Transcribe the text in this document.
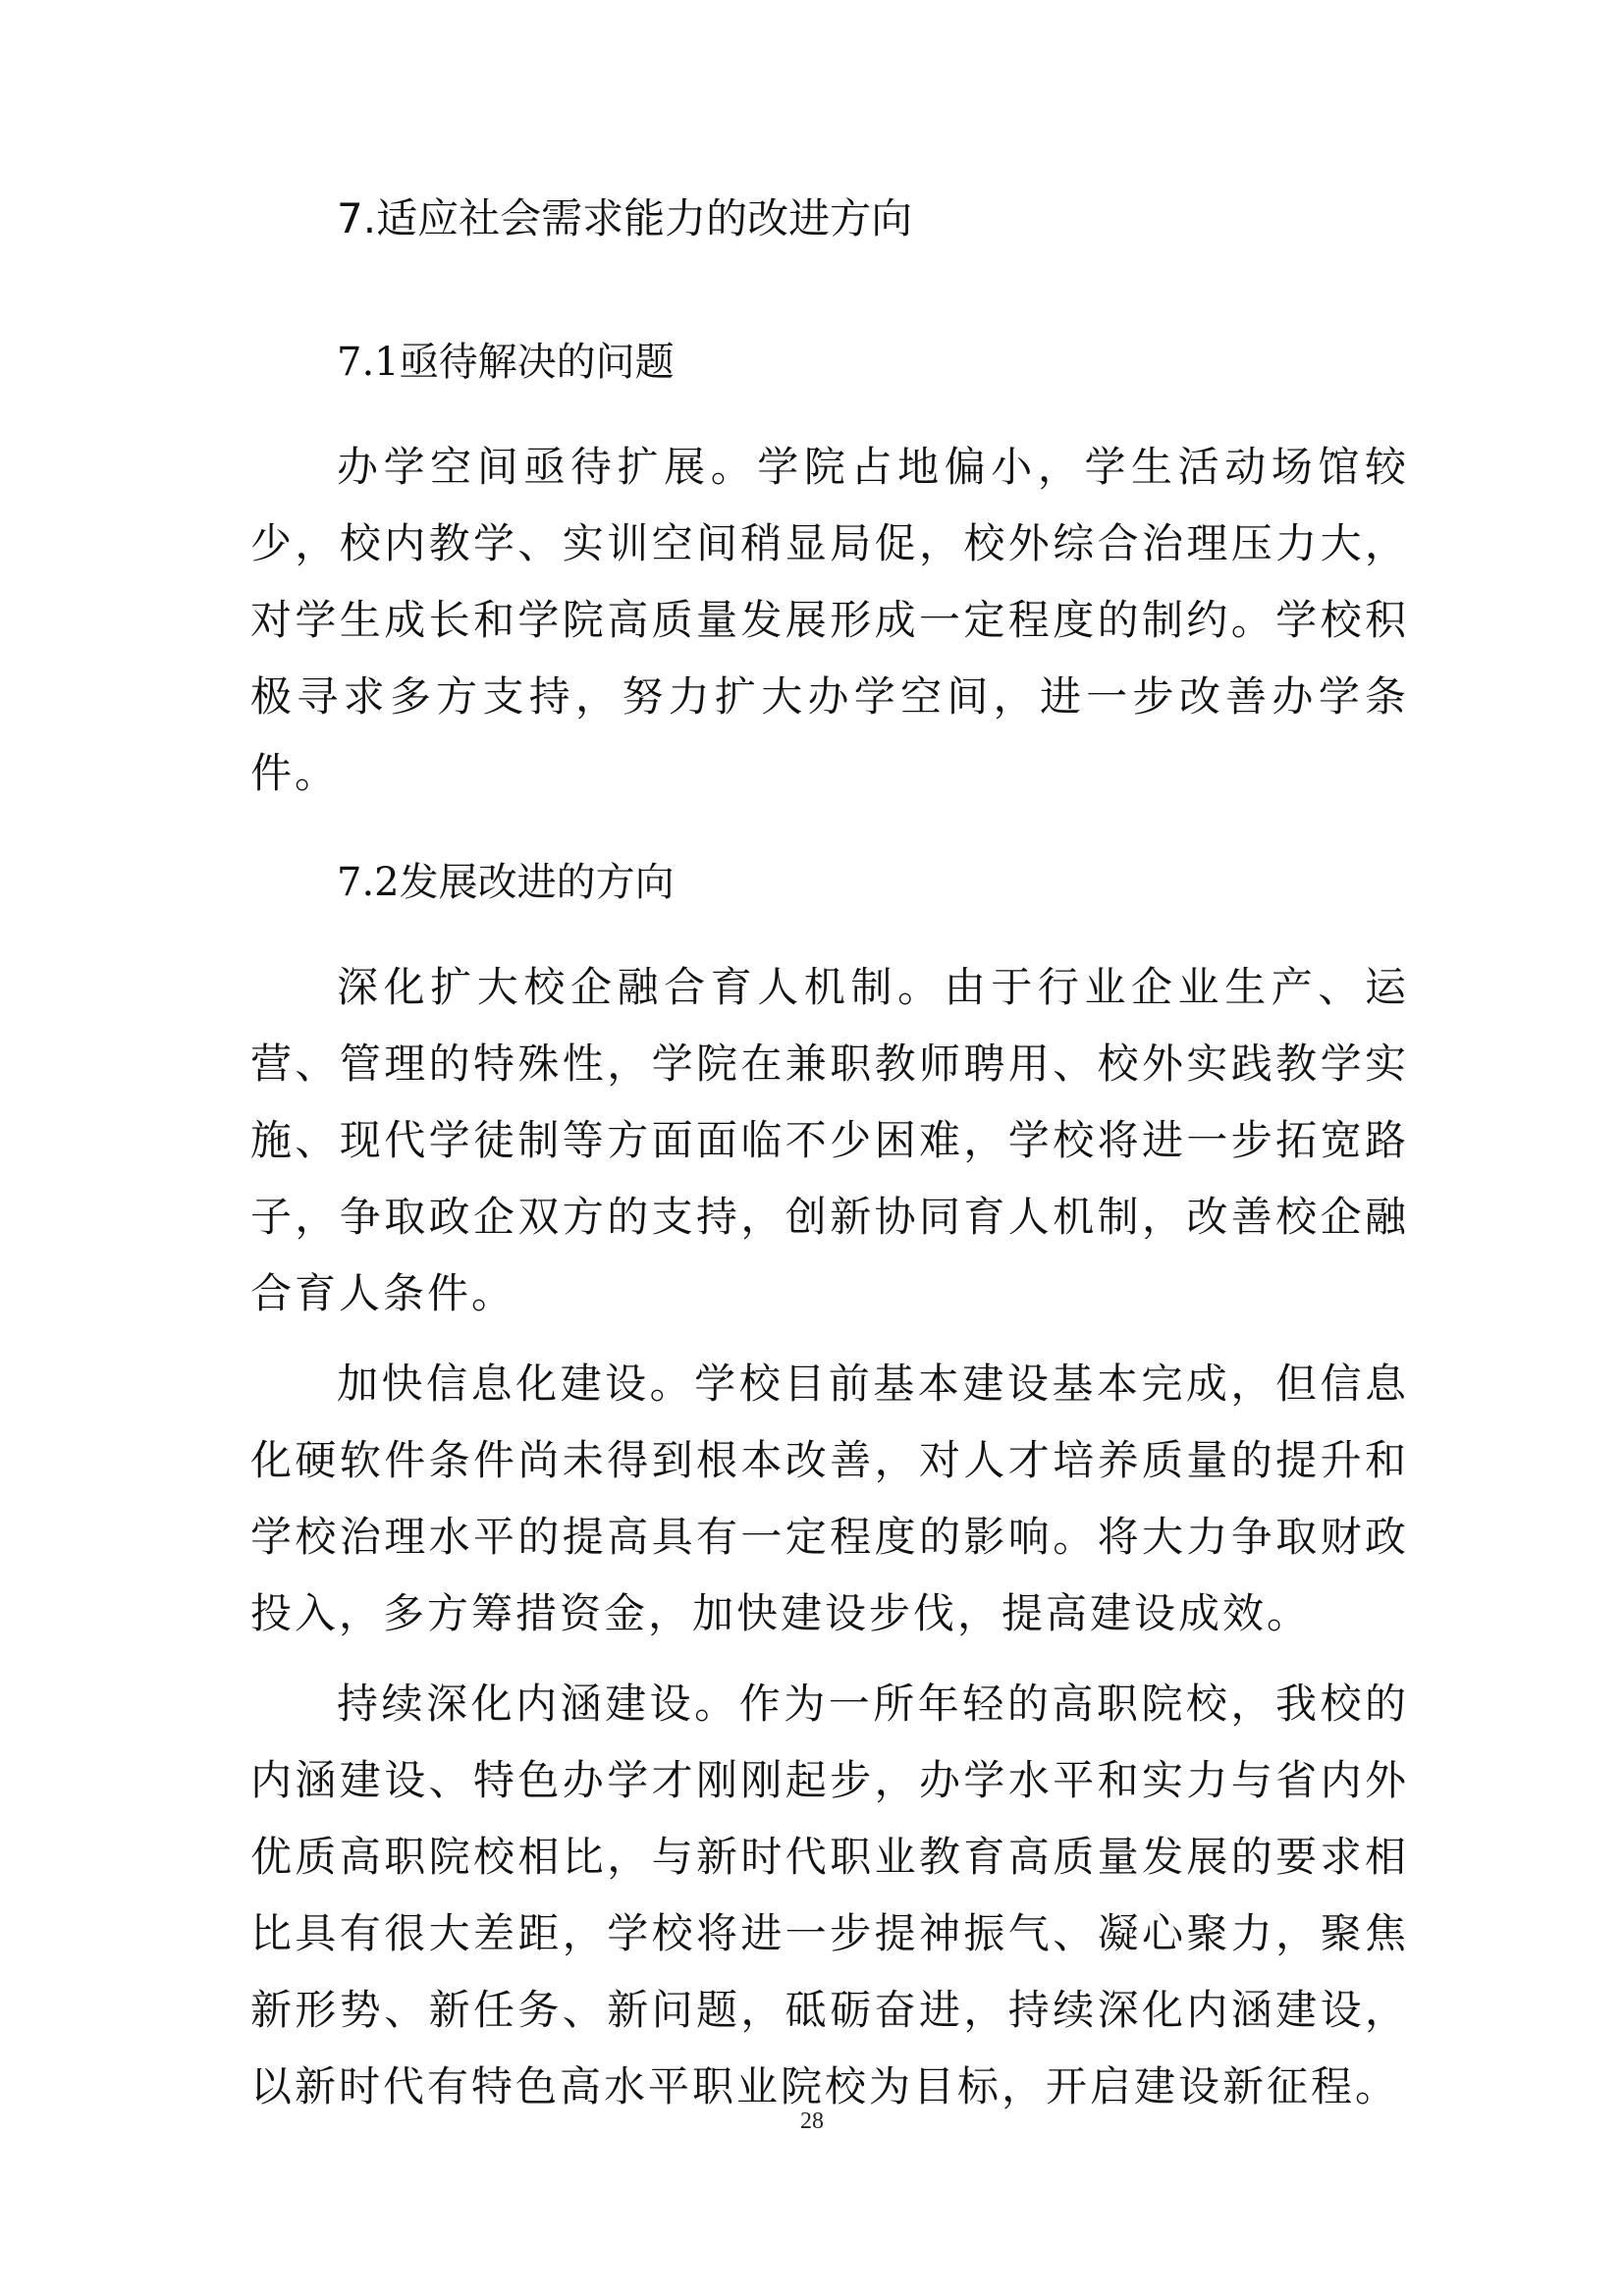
7.适应社会需求能力的改进方向
7.1亟待解决的问题

办学空间亟待扩展。学院占地偏小，学生活动场馆较少，校内教学、实训空间稍显局促，校外综合治理压力大，对学生成长和学院高质量发展形成一定程度的制约。学校积极寻求多方支持，努力扩大办学空间，进一步改善办学条件。

7.2发展改进的方向

深化扩大校企融合育人机制。由于行业企业生产、运营、管理的特殊性，学院在兼职教师聘用、校外实践教学实施、现代学徒制等方面面临不少困难，学校将进一步拓宽路子，争取政企双方的支持，创新协同育人机制，改善校企融合育人条件。

加快信息化建设。学校目前基本建设基本完成，但信息化硬软件条件尚未得到根本改善，对人才培养质量的提升和学校治理水平的提高具有一定程度的影响。将大力争取财政投入，多方筹措资金，加快建设步伐，提高建设成效。

持续深化内涵建设。作为一所年轻的高职院校，我校的内涵建设、特色办学才刚刚起步，办学水平和实力与省内外优质高职院校相比，与新时代职业教育高质量发展的要求相比具有很大差距，学校将进一步提神振气、凝心聚力，聚焦新形势、新任务、新问题，砥砺奋进，持续深化内涵建设，以新时代有特色高水平职业院校为目标，开启建设新征程。

28
